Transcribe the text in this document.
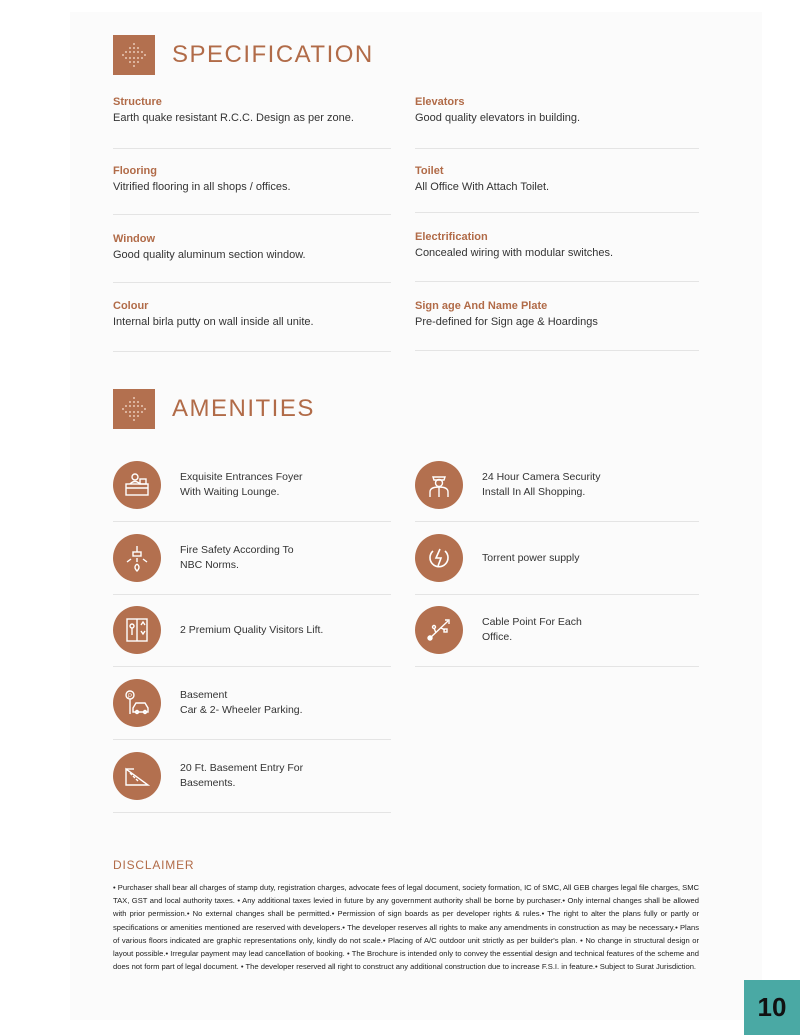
SPECIFICATION
Structure
Earth quake resistant R.C.C. Design as per zone.
Elevators
Good quality elevators in building.
Flooring
Vitrified flooring in all shops / offices.
Toilet
All Office With Attach Toilet.
Window
Good quality aluminum section window.
Electrification
Concealed wiring with modular switches.
Colour
Internal birla putty on wall inside all unite.
Sign age And Name Plate
Pre-defined for Sign age & Hoardings
AMENITIES
Exquisite Entrances Foyer
With Waiting Lounge.
24 Hour Camera Security
Install In All Shopping.
Fire Safety According To
NBC Norms.
Torrent power supply
2 Premium Quality Visitors Lift.
Cable Point For Each
Office.
P	Basement
Car & 2- Wheeler Parking.
20 Ft. Basement Entry For
Basements.
DISCLAIMER
• Purchaser shall bear all charges of stamp duty, registration charges, advocate fees of legal document, society formation, IC of SMC, All GEB charges legal file charges, SMC TAX, GST and local authority taxes. • Any additional taxes levied in future by any government authority shall be borne by purchaser.• Only internal changes shall be allowed with prior permission.• No external changes shall be permitted.• Permission of sign boards as per developer rights & rules.• The right to alter the plans fully or partly or specifications or amenities mentioned are reserved with developers.• The developer reserves all rights to make any amendments in construction as may be necessary.• Plans of various floors indicated are graphic representations only, kindly do not scale.• Placing of A/C outdoor unit strictly as per builder's plan. • No change in structural design or layout possible.• Irregular payment may lead cancellation of booking. • The Brochure is intended only to convey the essential design and technical features of the scheme and does not form part of legal document. • The developer reserved all right to construct any additional construction due to increase F.S.I. in feature.• Subject to Surat Jurisdiction.
10
